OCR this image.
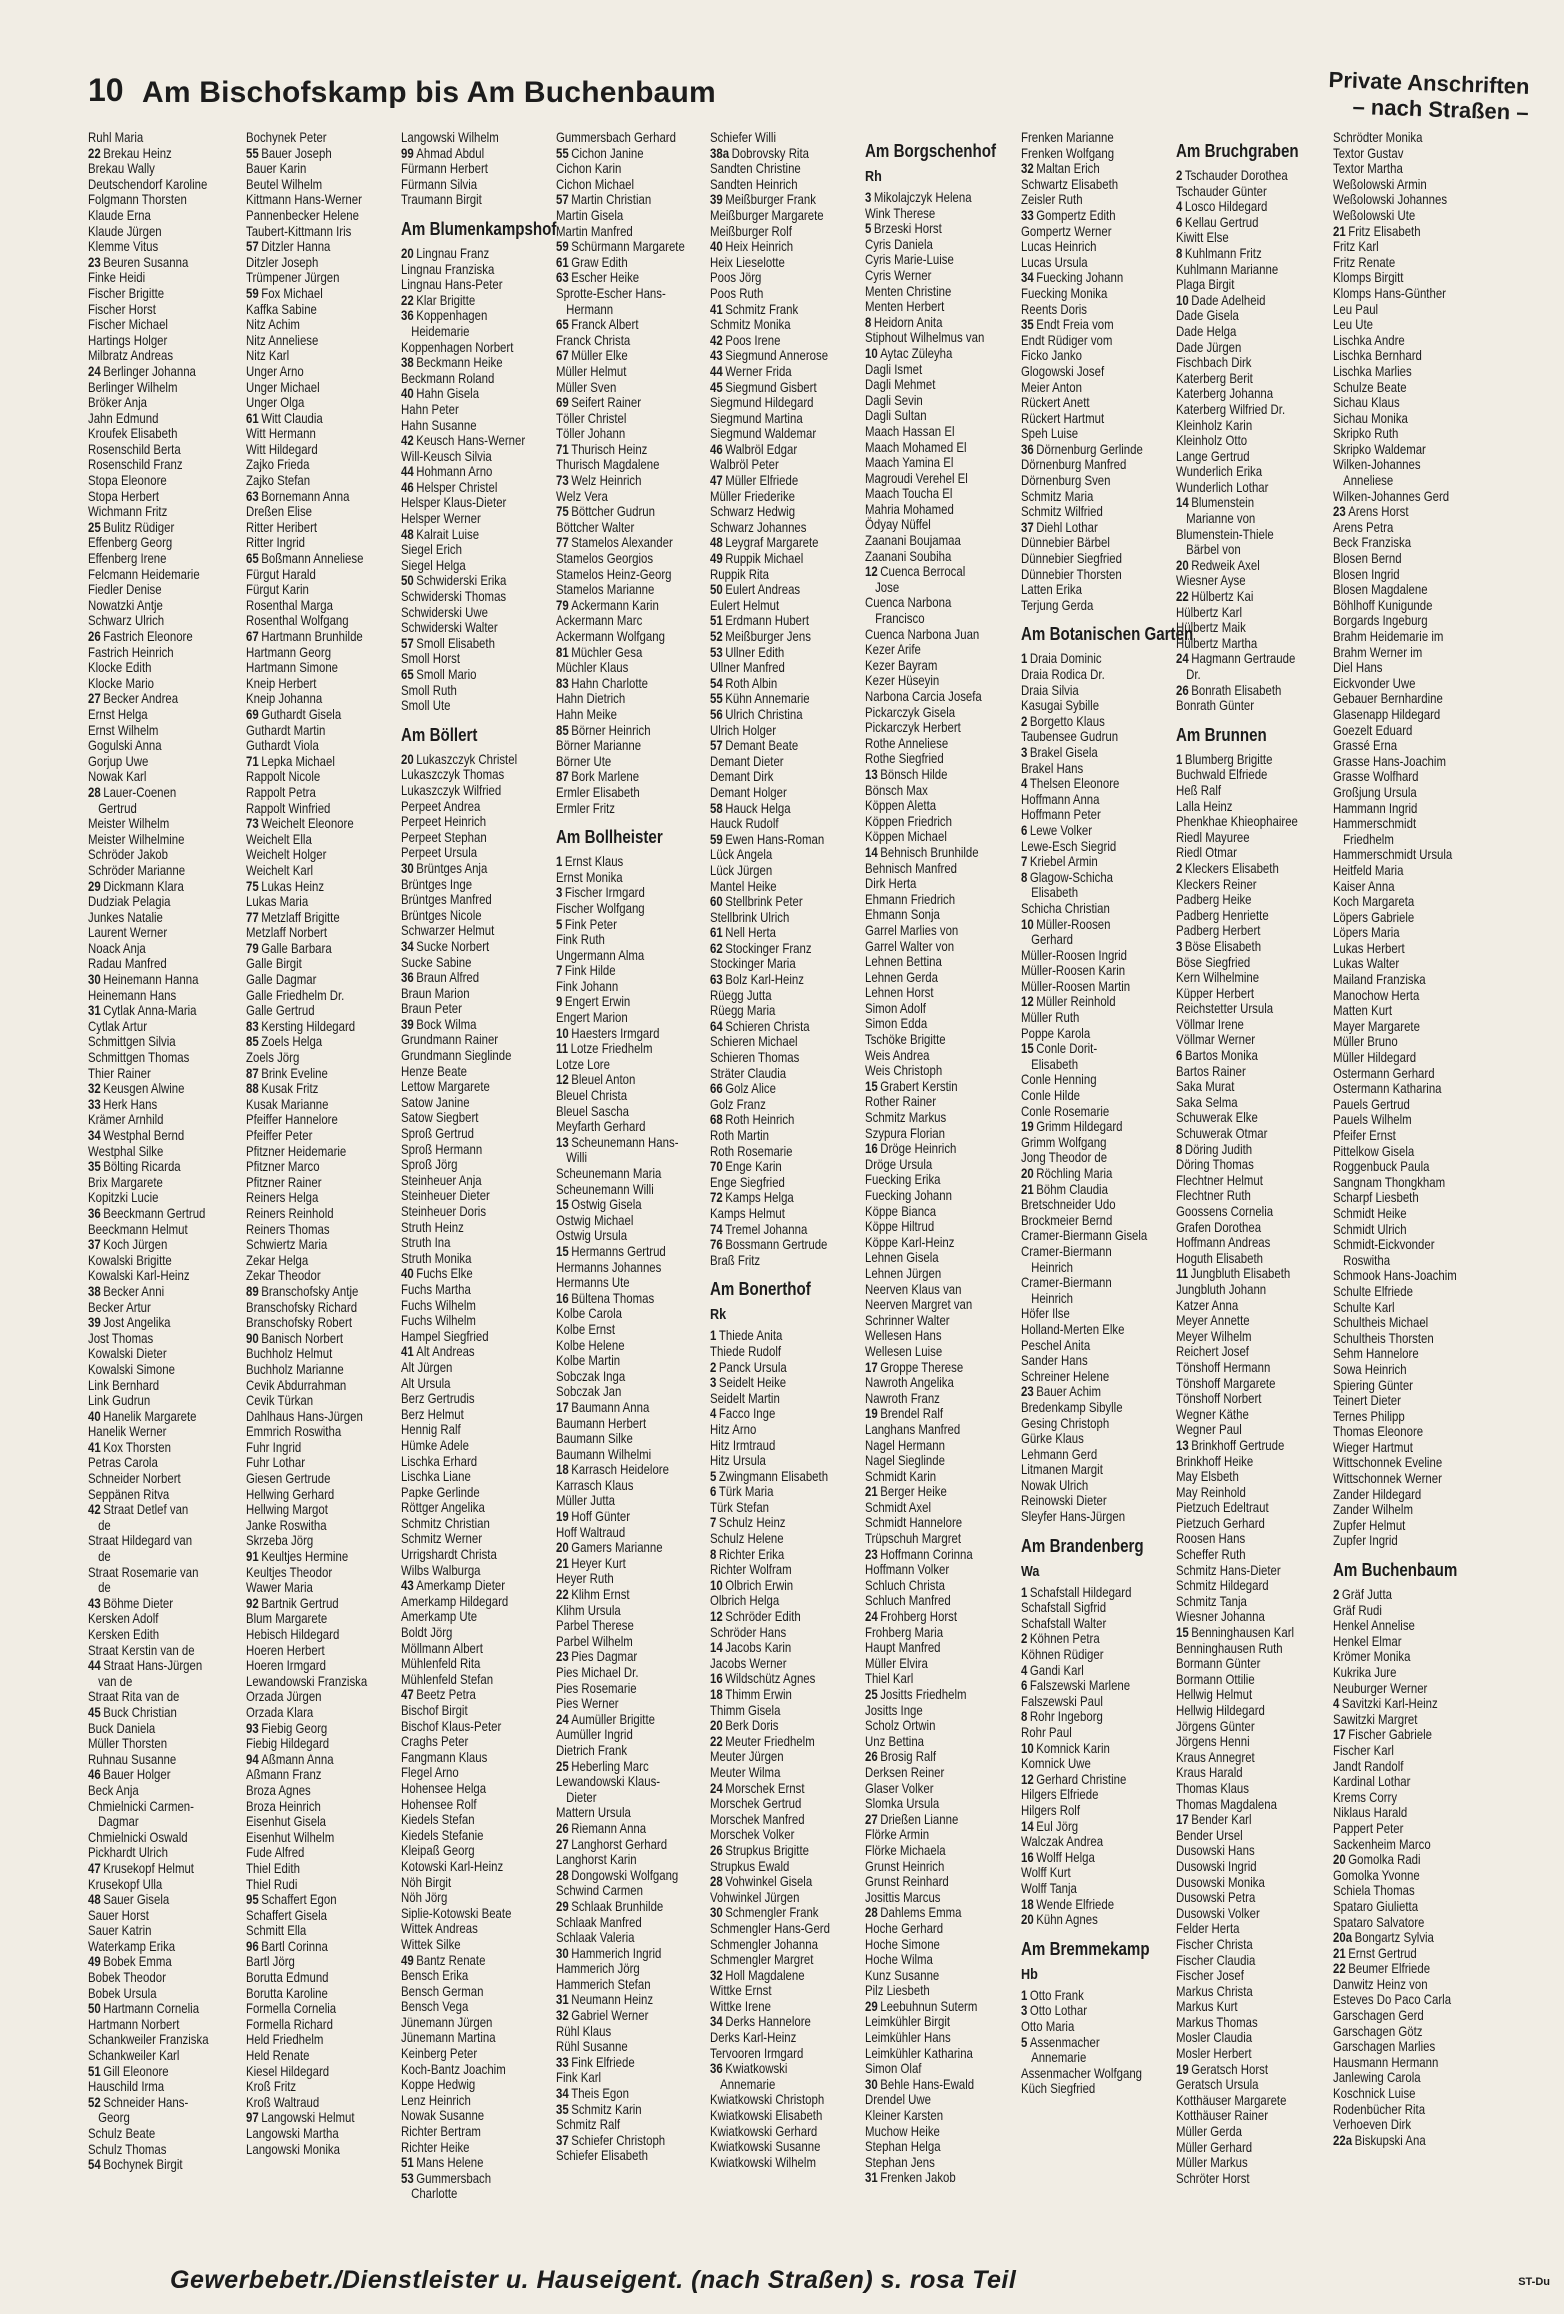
10 Am Bischofskamp bis Am Buchenbaum	Private Anschriften
– nach Straßen –
Ruhl Maria
22 Brekau Heinz
Brekau Wally
Deutschendorf Karoline
Folgmann Thorsten
Klaude Erna
Klaude Jürgen
Klemme Vitus
23 Beuren Susanna
Finke Heidi
Fischer Brigitte
Fischer Horst
Fischer Michael
Hartings Holger
Milbratz Andreas
24 Berlinger Johanna
Berlinger Wilhelm
Bröker Anja
Jahn Edmund
Kroufek Elisabeth
Rosenschild Berta
Rosenschild Franz
Stopa Eleonore
Stopa Herbert
Wichmann Fritz
25 Bulitz Rüdiger
Effenberg Georg
Effenberg Irene
Felcmann Heidemarie
Fiedler Denise
Nowatzki Antje
Schwarz Ulrich
26 Fastrich Eleonore
Fastrich Heinrich
Klocke Edith
Klocke Mario
27 Becker Andrea
Ernst Helga
Ernst Wilhelm
Gogulski Anna
Gorjup Uwe
Nowak Karl
28 Lauer-Coenen
Gertrud
Meister Wilhelm
Meister Wilhelmine
Schröder Jakob
Schröder Marianne
29 Dickmann Klara
Dudziak Pelagia
Junkes Natalie
Laurent Werner
Noack Anja
Radau Manfred
30 Heinemann Hanna
Heinemann Hans
31 Cytlak Anna-Maria
Cytlak Artur
Schmittgen Silvia
Schmittgen Thomas
Thier Rainer
32 Keusgen Alwine
33 Herk Hans
Krämer Arnhild
34 Westphal Bernd
Westphal Silke
35 Bölting Ricarda
Brix Margarete
Kopitzki Lucie
36 Beeckmann Gertrud
Beeckmann Helmut
37 Koch Jürgen
Kowalski Brigitte
Kowalski Karl-Heinz
38 Becker Anni
Becker Artur
39 Jost Angelika
Jost Thomas
Kowalski Dieter
Kowalski Simone
Link Bernhard
Link Gudrun
40 Hanelik Margarete
Hanelik Werner
41 Kox Thorsten
Petras Carola
Schneider Norbert
Seppänen Ritva
42 Straat Detlef van
de
Straat Hildegard van
de
Straat Rosemarie van
de
43 Böhme Dieter
Kersken Adolf
Kersken Edith
Straat Kerstin van de
44 Straat Hans-Jürgen
van de
Straat Rita van de
45 Buck Christian
Buck Daniela
Müller Thorsten
Ruhnau Susanne
46 Bauer Holger
Beck Anja
Chmielnicki Carmen-
Dagmar
Chmielnicki Oswald
Pickhardt Ulrich
47 Krusekopf Helmut
Krusekopf Ulla
48 Sauer Gisela
Sauer Horst
Sauer Katrin
Waterkamp Erika
49 Bobek Emma
Bobek Theodor
Bobek Ursula
50 Hartmann Cornelia
Hartmann Norbert
Schankweiler Franziska
Schankweiler Karl
51 Gill Eleonore
Hauschild Irma
52 Schneider Hans-
Georg
Schulz Beate
Schulz Thomas
54 Bochynek Birgit
Bochynek Peter
55 Bauer Joseph
Bauer Karin
Beutel Wilhelm
Kittmann Hans-Werner
Pannenbecker Helene
Taubert-Kittmann Iris
57 Ditzler Hanna
Ditzler Joseph
Trümpener Jürgen
59 Fox Michael
Kaffka Sabine
Nitz Achim
Nitz Anneliese
Nitz Karl
Unger Arno
Unger Michael
Unger Olga
61 Witt Claudia
Witt Hermann
Witt Hildegard
Zajko Frieda
Zajko Stefan
63 Bornemann Anna
Dreßen Elise
Ritter Heribert
Ritter Ingrid
65 Boßmann Anneliese
Fürgut Harald
Fürgut Karin
Rosenthal Marga
Rosenthal Wolfgang
67 Hartmann Brunhilde
Hartmann Georg
Hartmann Simone
Kneip Herbert
Kneip Johanna
69 Guthardt Gisela
Guthardt Martin
Guthardt Viola
71 Lepka Michael
Rappolt Nicole
Rappolt Petra
Rappolt Winfried
73 Weichelt Eleonore
Weichelt Ella
Weichelt Holger
Weichelt Karl
75 Lukas Heinz
Lukas Maria
77 Metzlaff Brigitte
Metzlaff Norbert
79 Galle Barbara
Galle Birgit
Galle Dagmar
Galle Friedhelm Dr.
Galle Gertrud
83 Kersting Hildegard
85 Zoels Helga
Zoels Jörg
87 Brink Eveline
88 Kusak Fritz
Kusak Marianne
Pfeiffer Hannelore
Pfeiffer Peter
Pfitzner Heidemarie
Pfitzner Marco
Pfitzner Rainer
Reiners Helga
Reiners Reinhold
Reiners Thomas
Schwiertz Maria
Zekar Helga
Zekar Theodor
89 Branschofsky Antje
Branschofsky Richard
Branschofsky Robert
90 Banisch Norbert
Buchholz Helmut
Buchholz Marianne
Cevik Abdurrahman
Cevik Türkan
Dahlhaus Hans-Jürgen
Emmrich Roswitha
Fuhr Ingrid
Fuhr Lothar
Giesen Gertrude
Hellwing Gerhard
Hellwing Margot
Janke Roswitha
Skrzeba Jörg
91 Keultjes Hermine
Keultjes Theodor
Wawer Maria
92 Bartnik Gertrud
Blum Margarete
Hebisch Hildegard
Hoeren Herbert
Hoeren Irmgard
Lewandowski Franziska
Orzada Jürgen
Orzada Klara
93 Fiebig Georg
Fiebig Hildegard
94 Aßmann Anna
Aßmann Franz
Broza Agnes
Broza Heinrich
Eisenhut Gisela
Eisenhut Wilhelm
Fude Alfred
Thiel Edith
Thiel Rudi
95 Schaffert Egon
Schaffert Gisela
Schmitt Ella
96 Bartl Corinna
Bartl Jörg
Borutta Edmund
Borutta Karoline
Formella Cornelia
Formella Richard
Held Friedhelm
Held Renate
Kiesel Hildegard
Kroß Fritz
Kroß Waltraud
97 Langowski Helmut
Langowski Martha
Langowski Monika
Langowski Wilhelm
99 Ahmad Abdul
Fürmann Herbert
Fürmann Silvia
Traumann Birgit
Am Blumenkampshof
20 Lingnau Franz
Lingnau Franziska
Lingnau Hans-Peter
22 Klar Brigitte
36 Koppenhagen
Heidemarie
Koppenhagen Norbert
38 Beckmann Heike
Beckmann Roland
40 Hahn Gisela
Hahn Peter
Hahn Susanne
42 Keusch Hans-Werner
Will-Keusch Silvia
44 Hohmann Arno
46 Helsper Christel
Helsper Klaus-Dieter
Helsper Werner
48 Kalrait Luise
Siegel Erich
Siegel Helga
50 Schwiderski Erika
Schwiderski Thomas
Schwiderski Uwe
Schwiderski Walter
57 Smoll Elisabeth
Smoll Horst
65 Smoll Mario
Smoll Ruth
Smoll Ute
Am Böllert
20 Lukaszczyk Christel
Lukaszczyk Thomas
Lukaszczyk Wilfried
Perpeet Andrea
Perpeet Heinrich
Perpeet Stephan
Perpeet Ursula
30 Brüntges Anja
Brüntges Inge
Brüntges Manfred
Brüntges Nicole
Schwarzer Helmut
34 Sucke Norbert
Sucke Sabine
36 Braun Alfred
Braun Marion
Braun Peter
39 Bock Wilma
Grundmann Rainer
Grundmann Sieglinde
Henze Beate
Lettow Margarete
Satow Janine
Satow Siegbert
Sproß Gertrud
Sproß Hermann
Sproß Jörg
Steinheuer Anja
Steinheuer Dieter
Steinheuer Doris
Struth Heinz
Struth Ina
Struth Monika
40 Fuchs Elke
Fuchs Martha
Fuchs Wilhelm
Fuchs Wilhelm
Hampel Siegfried
41 Alt Andreas
Alt Jürgen
Alt Ursula
Berz Gertrudis
Berz Helmut
Hennig Ralf
Hümke Adele
Lischka Erhard
Lischka Liane
Papke Gerlinde
Röttger Angelika
Schmitz Christian
Schmitz Werner
Urrigshardt Christa
Wilbs Walburga
43 Amerkamp Dieter
Amerkamp Hildegard
Amerkamp Ute
Boldt Jörg
Möllmann Albert
Mühlenfeld Rita
Mühlenfeld Stefan
47 Beetz Petra
Bischof Birgit
Bischof Klaus-Peter
Craghs Peter
Fangmann Klaus
Flegel Arno
Hohensee Helga
Hohensee Rolf
Kiedels Stefan
Kiedels Stefanie
Kleipaß Georg
Kotowski Karl-Heinz
Nöh Birgit
Nöh Jörg
Siplie-Kotowski Beate
Wittek Andreas
Wittek Silke
49 Bantz Renate
Bensch Erika
Bensch German
Bensch Vega
Jünemann Jürgen
Jünemann Martina
Keinberg Peter
Koch-Bantz Joachim
Koppe Hedwig
Lenz Heinrich
Nowak Susanne
Richter Bertram
Richter Heike
51 Mans Helene
53 Gummersbach
Charlotte
Gummersbach Gerhard
55 Cichon Janine
Cichon Karin
Cichon Michael
57 Martin Christian
Martin Gisela
Martin Manfred
59 Schürmann Margarete
61 Graw Edith
63 Escher Heike
Sprotte-Escher Hans-
Hermann
65 Franck Albert
Franck Christa
67 Müller Elke
Müller Helmut
Müller Sven
69 Seifert Rainer
Töller Christel
Töller Johann
71 Thurisch Heinz
Thurisch Magdalene
73 Welz Heinrich
Welz Vera
75 Böttcher Gudrun
Böttcher Walter
77 Stamelos Alexander
Stamelos Georgios
Stamelos Heinz-Georg
Stamelos Marianne
79 Ackermann Karin
Ackermann Marc
Ackermann Wolfgang
81 Müchler Gesa
Müchler Klaus
83 Hahn Charlotte
Hahn Dietrich
Hahn Meike
85 Börner Heinrich
Börner Marianne
Börner Ute
87 Bork Marlene
Ermler Elisabeth
Ermler Fritz
Am Bollheister
1 Ernst Klaus
Ernst Monika
3 Fischer Irmgard
Fischer Wolfgang
5 Fink Peter
Fink Ruth
Ungermann Alma
7 Fink Hilde
Fink Johann
9 Engert Erwin
Engert Marion
10 Haesters Irmgard
11 Lotze Friedhelm
Lotze Lore
12 Bleuel Anton
Bleuel Christa
Bleuel Sascha
Meyfarth Gerhard
13 Scheunemann Hans-
Willi
Scheunemann Maria
Scheunemann Willi
15 Ostwig Gisela
Ostwig Michael
Ostwig Ursula
15 Hermanns Gertrud
Hermanns Johannes
Hermanns Ute
16 Bültena Thomas
Kolbe Carola
Kolbe Ernst
Kolbe Helene
Kolbe Martin
Sobczak Inga
Sobczak Jan
17 Baumann Anna
Baumann Herbert
Baumann Silke
Baumann Wilhelmi
18 Karrasch Heidelore
Karrasch Klaus
Müller Jutta
19 Hoff Günter
Hoff Waltraud
20 Gamers Marianne
21 Heyer Kurt
Heyer Ruth
22 Klihm Ernst
Klihm Ursula
Parbel Therese
Parbel Wilhelm
23 Pies Dagmar
Pies Michael Dr.
Pies Rosemarie
Pies Werner
24 Aumüller Brigitte
Aumüller Ingrid
Dietrich Frank
25 Heberling Marc
Lewandowski Klaus-
Dieter
Mattern Ursula
26 Riemann Anna
27 Langhorst Gerhard
Langhorst Karin
28 Dongowski Wolfgang
Schwind Carmen
29 Schlaak Brunhilde
Schlaak Manfred
Schlaak Valeria
30 Hammerich Ingrid
Hammerich Jörg
Hammerich Stefan
31 Neumann Heinz
32 Gabriel Werner
Rühl Klaus
Rühl Susanne
33 Fink Elfriede
Fink Karl
34 Theis Egon
35 Schmitz Karin
Schmitz Ralf
37 Schiefer Christoph
Schiefer Elisabeth
Schiefer Willi
38a Dobrovsky Rita
Sandten Christine
Sandten Heinrich
39 Meißburger Frank
Meißburger Margarete
Meißburger Rolf
40 Heix Heinrich
Heix Lieselotte
Poos Jörg
Poos Ruth
41 Schmitz Frank
Schmitz Monika
42 Poos Irene
43 Siegmund Annerose
44 Werner Frida
45 Siegmund Gisbert
Siegmund Hildegard
Siegmund Martina
Siegmund Waldemar
46 Walbröl Edgar
Walbröl Peter
47 Müller Elfriede
Müller Friederike
Schwarz Hedwig
Schwarz Johannes
48 Leygraf Margarete
49 Ruppik Michael
Ruppik Rita
50 Eulert Andreas
Eulert Helmut
51 Erdmann Hubert
52 Meißburger Jens
53 Ullner Edith
Ullner Manfred
54 Roth Albin
55 Kühn Annemarie
56 Ulrich Christina
Ulrich Holger
57 Demant Beate
Demant Dieter
Demant Dirk
Demant Holger
58 Hauck Helga
Hauck Rudolf
59 Ewen Hans-Roman
Lück Angela
Lück Jürgen
Mantel Heike
60 Stellbrink Peter
Stellbrink Ulrich
61 Nell Herta
62 Stockinger Franz
Stockinger Maria
63 Bolz Karl-Heinz
Rüegg Jutta
Rüegg Maria
64 Schieren Christa
Schieren Michael
Schieren Thomas
Sträter Claudia
66 Golz Alice
Golz Franz
68 Roth Heinrich
Roth Martin
Roth Rosemarie
70 Enge Karin
Enge Siegfried
72 Kamps Helga
Kamps Helmut
74 Tremel Johanna
76 Bossmann Gertrude
Braß Fritz
Am Bonerthof
Rk
1 Thiede Anita
Thiede Rudolf
2 Panck Ursula
3 Seidelt Heike
Seidelt Martin
4 Facco Inge
Hitz Arno
Hitz Irmtraud
Hitz Ursula
5 Zwingmann Elisabeth
6 Türk Maria
Türk Stefan
7 Schulz Heinz
Schulz Helene
8 Richter Erika
Richter Wolfram
10 Olbrich Erwin
Olbrich Helga
12 Schröder Edith
Schröder Hans
14 Jacobs Karin
Jacobs Werner
16 Wildschütz Agnes
18 Thimm Erwin
Thimm Gisela
20 Berk Doris
22 Meuter Friedhelm
Meuter Jürgen
Meuter Wilma
24 Morschek Ernst
Morschek Gertrud
Morschek Manfred
Morschek Volker
26 Strupkus Brigitte
Strupkus Ewald
28 Vohwinkel Gisela
Vohwinkel Jürgen
30 Schmengler Frank
Schmengler Hans-Gerd
Schmengler Johanna
Schmengler Margret
32 Holl Magdalene
Wittke Ernst
Wittke Irene
34 Derks Hannelore
Derks Karl-Heinz
Tervooren Irmgard
36 Kwiatkowski
Annemarie
Kwiatkowski Christoph
Kwiatkowski Elisabeth
Kwiatkowski Gerhard
Kwiatkowski Susanne
Kwiatkowski Wilhelm
Am Borgschenhof
Rh
3 Mikolajczyk Helena
Wink Therese
5 Brzeski Horst
Cyris Daniela
Cyris Marie-Luise
Cyris Werner
Menten Christine
Menten Herbert
8 Heidorn Anita
Stiphout Wilhelmus van
10 Aytac Züleyha
Dagli Ismet
Dagli Mehmet
Dagli Sevin
Dagli Sultan
Maach Hassan El
Maach Mohamed El
Maach Yamina El
Magroudi Verehel El
Maach Toucha El
Mahria Mohamed
Ödyay Nüffel
Zaanani Boujamaa
Zaanani Soubiha
12 Cuenca Berrocal
Jose
Cuenca Narbona
Francisco
Cuenca Narbona Juan
Kezer Arife
Kezer Bayram
Kezer Hüseyin
Narbona Carcia Josefa
Pickarczyk Gisela
Pickarczyk Herbert
Rothe Anneliese
Rothe Siegfried
13 Bönsch Hilde
Bönsch Max
Köppen Aletta
Köppen Friedrich
Köppen Michael
14 Behnisch Brunhilde
Behnisch Manfred
Dirk Herta
Ehmann Friedrich
Ehmann Sonja
Garrel Marlies von
Garrel Walter von
Lehnen Bettina
Lehnen Gerda
Lehnen Horst
Simon Adolf
Simon Edda
Tschöke Brigitte
Weis Andrea
Weis Christoph
15 Grabert Kerstin
Rother Rainer
Schmitz Markus
Szypura Florian
16 Dröge Heinrich
Dröge Ursula
Fuecking Erika
Fuecking Johann
Köppe Bianca
Köppe Hiltrud
Köppe Karl-Heinz
Lehnen Gisela
Lehnen Jürgen
Neerven Klaus van
Neerven Margret van
Schrinner Walter
Wellesen Hans
Wellesen Luise
17 Groppe Therese
Nawroth Angelika
Nawroth Franz
19 Brendel Ralf
Langhans Manfred
Nagel Hermann
Nagel Sieglinde
Schmidt Karin
21 Berger Heike
Schmidt Axel
Schmidt Hannelore
Trüpschuh Margret
23 Hoffmann Corinna
Hoffmann Volker
Schluch Christa
Schluch Manfred
24 Frohberg Horst
Frohberg Maria
Haupt Manfred
Müller Elvira
Thiel Karl
25 Jositts Friedhelm
Jositts Inge
Scholz Ortwin
Unz Bettina
26 Brosig Ralf
Derksen Reiner
Glaser Volker
Slomka Ursula
27 Drießen Lianne
Flörke Armin
Flörke Michaela
Grunst Heinrich
Grunst Reinhard
Josittis Marcus
28 Dahlems Emma
Hoche Gerhard
Hoche Simone
Hoche Wilma
Kunz Susanne
Pilz Liesbeth
29 Leebuhnun Suterm
Leimkühler Birgit
Leimkühler Hans
Leimkühler Katharina
Simon Olaf
30 Behle Hans-Ewald
Drendel Uwe
Kleiner Karsten
Muchow Heike
Stephan Helga
Stephan Jens
31 Frenken Jakob
Frenken Marianne
Frenken Wolfgang
32 Maltan Erich
Schwartz Elisabeth
Zeisler Ruth
33 Gompertz Edith
Gompertz Werner
Lucas Heinrich
Lucas Ursula
34 Fuecking Johann
Fuecking Monika
Reents Doris
35 Endt Freia vom
Endt Rüdiger vom
Ficko Janko
Glogowski Josef
Meier Anton
Rückert Anett
Rückert Hartmut
Speh Luise
36 Dörnenburg Gerlinde
Dörnenburg Manfred
Dörnenburg Sven
Schmitz Maria
Schmitz Wilfried
37 Diehl Lothar
Dünnebier Bärbel
Dünnebier Siegfried
Dünnebier Thorsten
Latten Erika
Terjung Gerda
Am Botanischen Garten
1 Draia Dominic
Draia Rodica Dr.
Draia Silvia
Kasugai Sybille
2 Borgetto Klaus
Taubensee Gudrun
3 Brakel Gisela
Brakel Hans
4 Thelsen Eleonore
Hoffmann Anna
Hoffmann Peter
6 Lewe Volker
Lewe-Esch Siegrid
7 Kriebel Armin
8 Glagow-Schicha
Elisabeth
Schicha Christian
10 Müller-Roosen
Gerhard
Müller-Roosen Ingrid
Müller-Roosen Karin
Müller-Roosen Martin
12 Müller Reinhold
Müller Ruth
Poppe Karola
15 Conle Dorit-
Elisabeth
Conle Henning
Conle Hilde
Conle Rosemarie
19 Grimm Hildegard
Grimm Wolfgang
Jong Theodor de
20 Röchling Maria
21 Böhm Claudia
Bretschneider Udo
Brockmeier Bernd
Cramer-Biermann Gisela
Cramer-Biermann
Heinrich
Cramer-Biermann
Heinrich
Höfer Ilse
Holland-Merten Elke
Peschel Anita
Sander Hans
Schreiner Helene
23 Bauer Achim
Bredenkamp Sibylle
Gesing Christoph
Gürke Klaus
Lehmann Gerd
Litmanen Margit
Nowak Ulrich
Reinowski Dieter
Sleyfer Hans-Jürgen
Am Brandenberg
Wa
1 Schafstall Hildegard
Schafstall Sigfrid
Schafstall Walter
2 Köhnen Petra
Köhnen Rüdiger
4 Gandi Karl
6 Falszewski Marlene
Falszewski Paul
8 Rohr Ingeborg
Rohr Paul
10 Komnick Karin
Komnick Uwe
12 Gerhard Christine
Hilgers Elfriede
Hilgers Rolf
14 Eul Jörg
Walczak Andrea
16 Wolff Helga
Wolff Kurt
Wolff Tanja
18 Wende Elfriede
20 Kühn Agnes
Am Bremmekamp
Hb
1 Otto Frank
3 Otto Lothar
Otto Maria
5 Assenmacher
Annemarie
Assenmacher Wolfgang
Küch Siegfried
Am Bruchgraben
2 Tschauder Dorothea
Tschauder Günter
4 Losco Hildegard
6 Kellau Gertrud
Kiwitt Else
8 Kuhlmann Fritz
Kuhlmann Marianne
Plaga Birgit
10 Dade Adelheid
Dade Gisela
Dade Helga
Dade Jürgen
Fischbach Dirk
Katerberg Berit
Katerberg Johanna
Katerberg Wilfried Dr.
Kleinholz Karin
Kleinholz Otto
Lange Gertrud
Wunderlich Erika
Wunderlich Lothar
14 Blumenstein
Marianne von
Blumenstein-Thiele
Bärbel von
20 Redweik Axel
Wiesner Ayse
22 Hülbertz Kai
Hülbertz Karl
Hülbertz Maik
Hülbertz Martha
24 Hagmann Gertraude
Dr.
26 Bonrath Elisabeth
Bonrath Günter
Am Brunnen
1 Blumberg Brigitte
Buchwald Elfriede
Heß Ralf
Lalla Heinz
Phenkhae Khieophairee
Riedl Mayuree
Riedl Otmar
2 Kleckers Elisabeth
Kleckers Reiner
Padberg Heike
Padberg Henriette
Padberg Herbert
3 Böse Elisabeth
Böse Siegfried
Kern Wilhelmine
Küpper Herbert
Reichstetter Ursula
Völlmar Irene
Völlmar Werner
6 Bartos Monika
Bartos Rainer
Saka Murat
Saka Selma
Schuwerak Elke
Schuwerak Otmar
8 Döring Judith
Döring Thomas
Flechtner Helmut
Flechtner Ruth
Goossens Cornelia
Grafen Dorothea
Hoffmann Andreas
Hoguth Elisabeth
11 Jungbluth Elisabeth
Jungbluth Johann
Katzer Anna
Meyer Annette
Meyer Wilhelm
Reichert Josef
Tönshoff Hermann
Tönshoff Margarete
Tönshoff Norbert
Wegner Käthe
Wegner Paul
13 Brinkhoff Gertrude
Brinkhoff Heike
May Elsbeth
May Reinhold
Pietzuch Edeltraut
Pietzuch Gerhard
Roosen Hans
Scheffer Ruth
Schmitz Hans-Dieter
Schmitz Hildegard
Schmitz Tanja
Wiesner Johanna
15 Benninghausen Karl
Benninghausen Ruth
Bormann Günter
Bormann Ottilie
Hellwig Helmut
Hellwig Hildegard
Jörgens Günter
Jörgens Henni
Kraus Annegret
Kraus Harald
Thomas Klaus
Thomas Magdalena
17 Bender Karl
Bender Ursel
Dusowski Hans
Dusowski Ingrid
Dusowski Monika
Dusowski Petra
Dusowski Volker
Felder Herta
Fischer Christa
Fischer Claudia
Fischer Josef
Markus Christa
Markus Kurt
Markus Thomas
Mosler Claudia
Mosler Herbert
19 Geratsch Horst
Geratsch Ursula
Kotthäuser Margarete
Kotthäuser Rainer
Müller Gerda
Müller Gerhard
Müller Markus
Schröter Horst
Schrödter Monika
Textor Gustav
Textor Martha
Weßolowski Armin
Weßolowski Johannes
Weßolowski Ute
21 Fritz Elisabeth
Fritz Karl
Fritz Renate
Klomps Birgitt
Klomps Hans-Günther
Leu Paul
Leu Ute
Lischka Andre
Lischka Bernhard
Lischka Marlies
Schulze Beate
Sichau Klaus
Sichau Monika
Skripko Ruth
Skripko Waldemar
Wilken-Johannes
Anneliese
Wilken-Johannes Gerd
23 Arens Horst
Arens Petra
Beck Franziska
Blosen Bernd
Blosen Ingrid
Blosen Magdalene
Böhlhoff Kunigunde
Borgards Ingeburg
Brahm Heidemarie im
Brahm Werner im
Diel Hans
Eickvonder Uwe
Gebauer Bernhardine
Glasenapp Hildegard
Goezelt Eduard
Grassé Erna
Grasse Hans-Joachim
Grasse Wolfhard
Großjung Ursula
Hammann Ingrid
Hammerschmidt
Friedhelm
Hammerschmidt Ursula
Heitfeld Maria
Kaiser Anna
Koch Margareta
Löpers Gabriele
Löpers Maria
Lukas Herbert
Lukas Walter
Mailand Franziska
Manochow Herta
Matten Kurt
Mayer Margarete
Müller Bruno
Müller Hildegard
Ostermann Gerhard
Ostermann Katharina
Pauels Gertrud
Pauels Wilhelm
Pfeifer Ernst
Pittelkow Gisela
Roggenbuck Paula
Sangnam Thongkham
Scharpf Liesbeth
Schmidt Heike
Schmidt Ulrich
Schmidt-Eickvonder
Roswitha
Schmook Hans-Joachim
Schulte Elfriede
Schulte Karl
Schultheis Michael
Schultheis Thorsten
Sehm Hannelore
Sowa Heinrich
Spiering Günter
Teinert Dieter
Ternes Philipp
Thomas Eleonore
Wieger Hartmut
Wittschonnek Eveline
Wittschonnek Werner
Zander Hildegard
Zander Wilhelm
Zupfer Helmut
Zupfer Ingrid
Am Buchenbaum
2 Gräf Jutta
Gräf Rudi
Henkel Annelise
Henkel Elmar
Krömer Monika
Kukrika Jure
Neuburger Werner
4 Savitzki Karl-Heinz
Sawitzki Margret
17 Fischer Gabriele
Fischer Karl
Jandt Randolf
Kardinal Lothar
Krems Corry
Niklaus Harald
Pappert Peter
Sackenheim Marco
20 Gomolka Radi
Gomolka Yvonne
Schiela Thomas
Spataro Giulietta
Spataro Salvatore
20a Bongartz Sylvia
21 Ernst Gertrud
22 Beumer Elfriede
Danwitz Heinz von
Esteves Do Paco Carla
Garschagen Gerd
Garschagen Götz
Garschagen Marlies
Hausmann Hermann
Janlewing Carola
Koschnick Luise
Rodenbücher Rita
Verhoeven Dirk
22a Biskupski Ana
Gewerbebetr./Dienstleister u. Hauseigent. (nach Straßen) s. rosa Teil	ST-Du
